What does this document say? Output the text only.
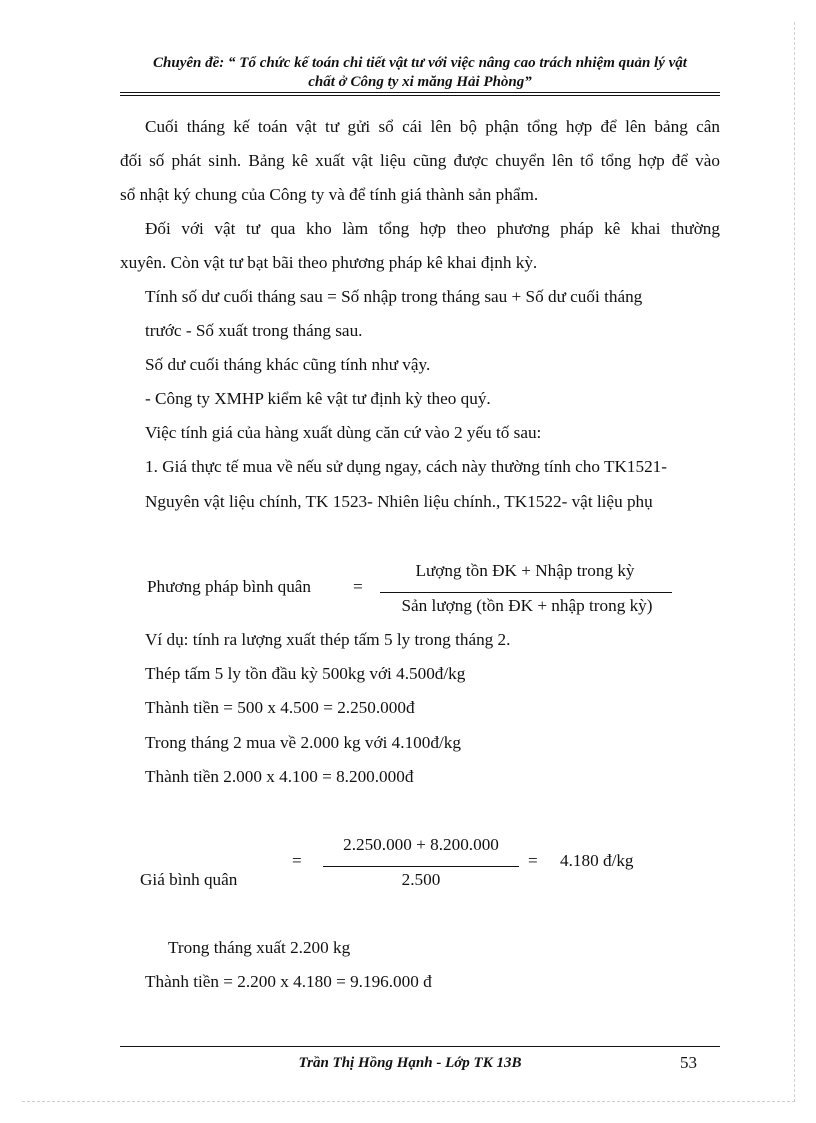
Chuyên đề: “ Tổ chức kế toán chi tiết vật tư với việc nâng cao trách nhiệm quản lý vật
chất ở Công ty xi măng Hải Phòng”
Cuối tháng kế toán vật tư gửi sổ cái lên bộ phận tổng hợp để lên bảng cân
đối số phát sinh. Bảng kê xuất vật liệu cũng được chuyển lên tổ tổng hợp để vào
sổ nhật ký chung của Công ty và để tính giá thành sản phẩm.
Đối với vật tư qua kho làm tổng hợp theo phương pháp kê khai thường
xuyên. Còn vật tư bạt bãi theo phương pháp kê khai định kỳ.
Tính số dư cuối tháng sau = Số nhập trong tháng sau + Số dư cuối tháng
trước - Số xuất trong tháng sau.
Số dư cuối tháng khác cũng tính như vậy.
- Công ty XMHP kiểm kê vật tư định kỳ theo quý.
Việc tính giá của hàng xuất dùng căn cứ vào 2 yếu tố sau:
1. Giá thực tế mua về nếu sử dụng ngay, cách này thường tính cho TK1521-
Nguyên vật liệu chính, TK 1523- Nhiên liệu chính., TK1522- vật liệu phụ
Phương pháp bình quân =
Lượng tồn ĐK + Nhập trong kỳ
Sản lượng (tồn ĐK + nhập trong kỳ)
Ví dụ: tính ra lượng xuất thép tấm 5 ly trong tháng 2.
Thép tấm 5 ly tồn đầu kỳ 500kg với 4.500đ/kg
Thành tiền = 500 x 4.500 = 2.250.000đ
Trong tháng 2 mua về 2.000 kg với 4.100đ/kg
Thành tiền 2.000 x 4.100 = 8.200.000đ
Giá bình quân
=
2.250.000 + 8.200.000
2.500
= 4.180 đ/kg
Trong tháng xuất 2.200 kg
Thành tiền = 2.200 x 4.180 = 9.196.000 đ
Trần Thị Hồng Hạnh - Lớp TK 13B	53
